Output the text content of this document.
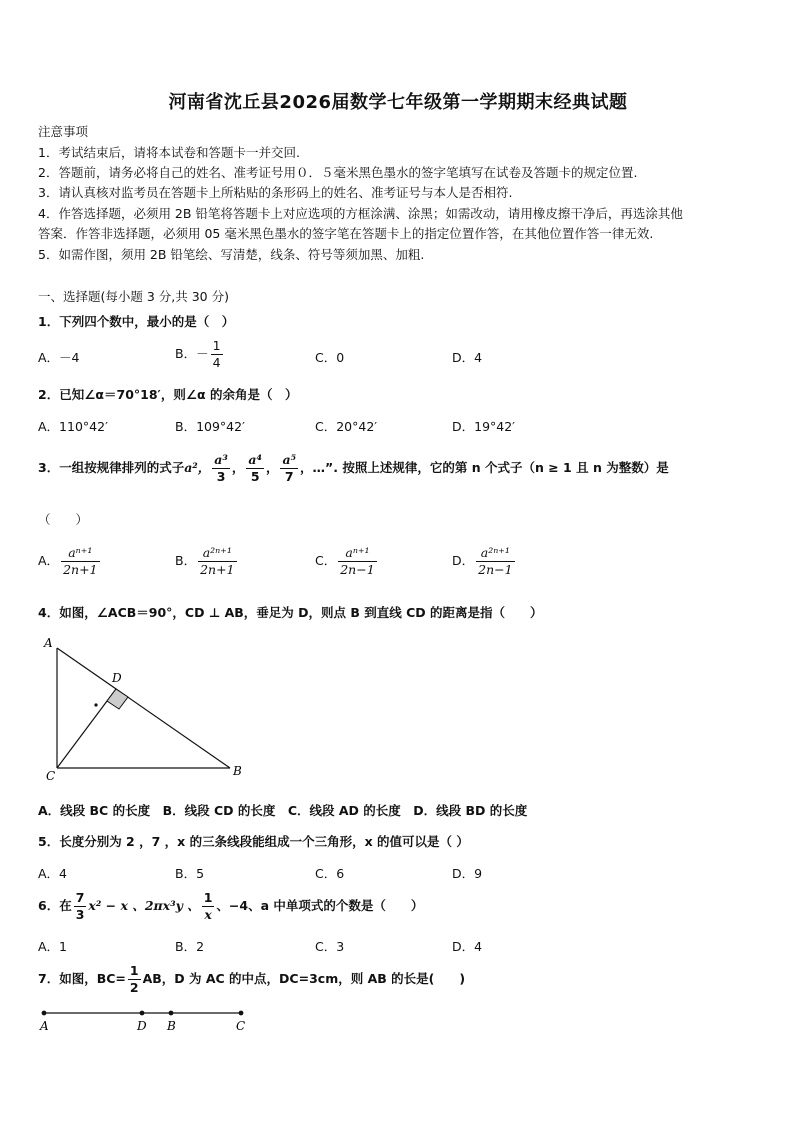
河南省沈丘县2026届数学七年级第一学期期末经典试题
注意事项
1．考试结束后，请将本试卷和答题卡一并交回.
2．答题前，请务必将自己的姓名、准考证号用０．５毫米黑色墨水的签字笔填写在试卷及答题卡的规定位置.
3．请认真核对监考员在答题卡上所粘贴的条形码上的姓名、准考证号与本人是否相符.
4．作答选择题，必须用 2B 铅笔将答题卡上对应选项的方框涂满、涂黑；如需改动，请用橡皮擦干净后，再选涂其他
答案．作答非选择题，必须用 05 毫米黑色墨水的签字笔在答题卡上的指定位置作答，在其他位置作答一律无效.
5．如需作图，须用 2B 铅笔绘、写清楚，线条、符号等须加黑、加粗.
一、选择题(每小题 3 分,共 30 分)
1．下列四个数中，最小的是（　）
A．－4	B．－ $\frac{1}{4}$	C．0	D．4
2．已知∠α＝70°18′，则∠α 的余角是（　）
A．110°42′	B．109°42′	C．20°42′	D．19°42′
3．一组按规律排列的式子a²， $\frac{\text{a³}}{3}$ ， $\frac{\text{a⁴}}{5}$ ， $\frac{\text{a⁵}}{7}$ ，…”. 按照上述规律，它的第 n 个式子（n ≥ 1 且 n 为整数）是
（　　）
A． $\frac{\text{aⁿ⁺¹}}{2n+1}$	B． $\frac{\text{a²ⁿ⁺¹}}{2n+1}$	C． $\frac{\text{aⁿ⁺¹}}{2n-1}$	D． $\frac{\text{a²ⁿ⁺¹}}{2n-1}$
4．如图，∠ACB＝90°，CD ⊥ AB，垂足为 D，则点 B 到直线 CD 的距离是指（　　）
A
B
C
D
A．线段 BC 的长度　B．线段 CD 的长度　C．线段 AD 的长度　D．线段 BD 的长度
5．长度分别为 2 ，7 ，x 的三条线段能组成一个三角形，x 的值可以是（ ）
A．4	B．5	C．6	D．9
6．在 $\frac{7}{3} x^2 - x$ 、2πx³y 、 $\frac{1}{x}$ 、−4、a 中单项式的个数是（　　）
A．1	B．2	C．3	D．4
7．如图，$BC= \frac{1}{2}$ AB，D 为 AC 的中点，DC=3cm，则 AB 的长是(　　)
A	D B	C
